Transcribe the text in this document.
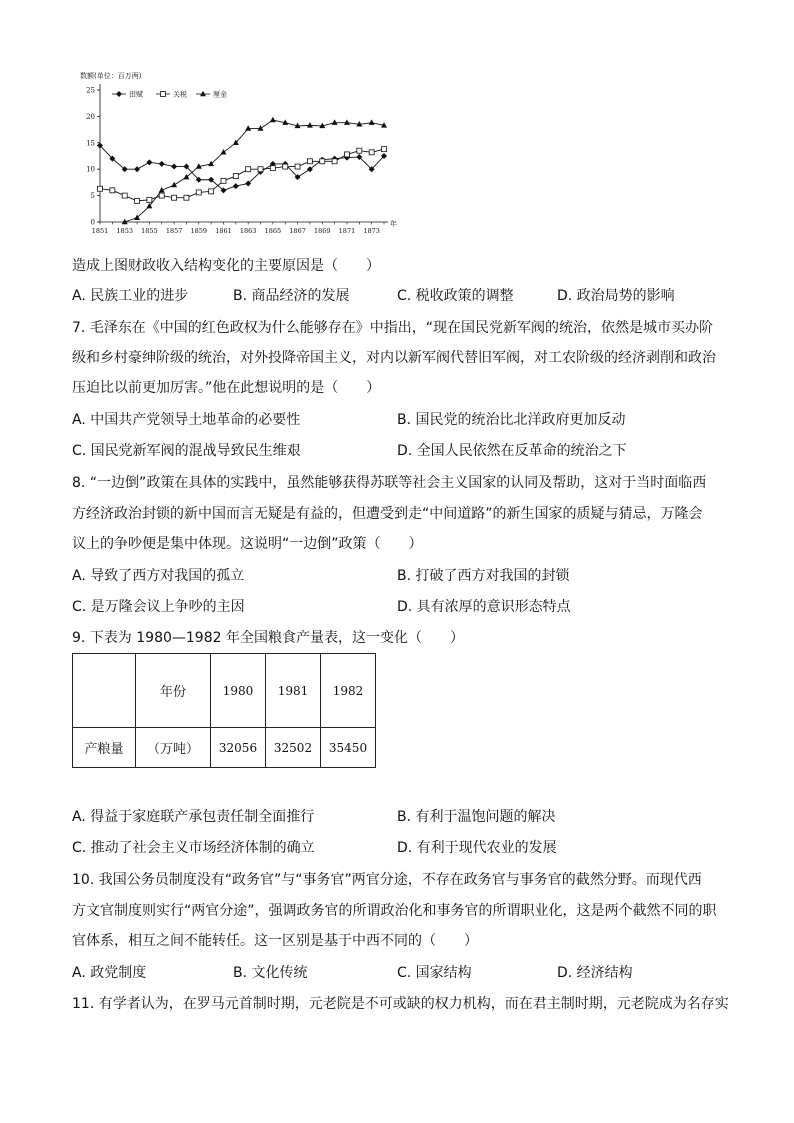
数额(单位：百万两)
年
0
5
10
15
20
25
1851 1853 1855 1857 1859 1861 1863 1865 1867 1869 1871 1873
田赋	关税	厘金
造成上图财政收入结构变化的主要原因是（　　）
A. 民族工业的进步	B. 商品经济的发展	C. 税收政策的调整	D. 政治局势的影响
7. 毛泽东在《中国的红色政权为什么能够存在》中指出，“现在国民党新军阀的统治，依然是城市买办阶
级和乡村豪绅阶级的统治，对外投降帝国主义，对内以新军阀代替旧军阀，对工农阶级的经济剥削和政治
压迫比以前更加厉害。”他在此想说明的是（　　）
A. 中国共产党领导土地革命的必要性	B. 国民党的统治比北洋政府更加反动
C. 国民党新军阀的混战导致民生维艰	D. 全国人民依然在反革命的统治之下
8. “一边倒”政策在具体的实践中，虽然能够获得苏联等社会主义国家的认同及帮助，这对于当时面临西
方经济政治封锁的新中国而言无疑是有益的，但遭受到走“中间道路”的新生国家的质疑与猜忌，万隆会
议上的争吵便是集中体现。这说明“一边倒”政策（　　）
A. 导致了西方对我国的孤立	B. 打破了西方对我国的封锁
C. 是万隆会议上争吵的主因	D. 具有浓厚的意识形态特点
9. 下表为 1980—1982 年全国粮食产量表，这一变化（　　）
	年份	1980	1981	1982
产粮量	（万吨）	32056	32502	35450
A. 得益于家庭联产承包责任制全面推行	B. 有利于温饱问题的解决
C. 推动了社会主义市场经济体制的确立	D. 有利于现代农业的发展
10. 我国公务员制度没有“政务官”与“事务官”两官分途，不存在政务官与事务官的截然分野。而现代西
方文官制度则实行“两官分途”，强调政务官的所谓政治化和事务官的所谓职业化，这是两个截然不同的职
官体系，相互之间不能转任。这一区别是基于中西不同的（　　）
A. 政党制度	B. 文化传统	C. 国家结构	D. 经济结构
11. 有学者认为，在罗马元首制时期，元老院是不可或缺的权力机构，而在君主制时期，元老院成为名存实
